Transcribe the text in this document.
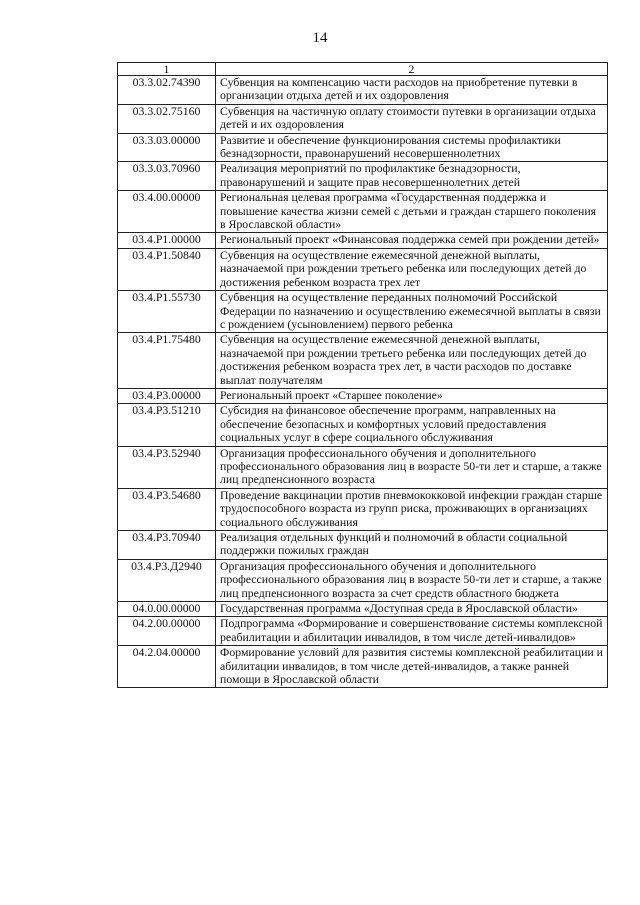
14
1	2
03.3.02.74390	Субвенция на компенсацию части расходов на приобретение путевки в организации отдыха детей и их оздоровления
03.3.02.75160	Субвенция на частичную оплату стоимости путевки в организации отдыха детей и их оздоровления
03.3.03.00000	Развитие и обеспечение функционирования системы профилактики безнадзорности, правонарушений несовершеннолетних
03.3.03.70960	Реализация мероприятий по профилактике безнадзорности, правонарушений и защите прав несовершеннолетних детей
03.4.00.00000	Региональная целевая программа «Государственная поддержка и повышение качества жизни семей с детьми и граждан старшего поколения в Ярославской области»
03.4.P1.00000	Региональный проект «Финансовая поддержка семей при рождении детей»
03.4.P1.50840	Субвенция на осуществление ежемесячной денежной выплаты, назначаемой при рождении третьего ребенка или последующих детей до достижения ребенком возраста трех лет
03.4.P1.55730	Субвенция на осуществление переданных полномочий Российской Федерации по назначению и осуществлению ежемесячной выплаты в связи с рождением (усыновлением) первого ребенка
03.4.P1.75480	Субвенция на осуществление ежемесячной денежной выплаты, назначаемой при рождении третьего ребенка или последующих детей до достижения ребенком возраста трех лет, в части расходов по доставке выплат получателям
03.4.P3.00000	Региональный проект «Старшее поколение»
03.4.P3.51210	Субсидия на финансовое обеспечение программ, направленных на обеспечение безопасных и комфортных условий предоставления социальных услуг в сфере социального обслуживания
03.4.P3.52940	Организация профессионального обучения и дополнительного профессионального образования лиц в возрасте 50-ти лет и старше, а также лиц предпенсионного возраста
03.4.P3.54680	Проведение вакцинации против пневмококковой инфекции граждан старше трудоспособного возраста из групп риска, проживающих в организациях социального обслуживания
03.4.P3.70940	Реализация отдельных функций и полномочий в области социальной поддержки пожилых граждан
03.4.P3.Д2940	Организация профессионального обучения и дополнительного профессионального образования лиц в возрасте 50-ти лет и старше, а также лиц предпенсионного возраста за счет средств областного бюджета
04.0.00.00000	Государственная программа «Доступная среда в Ярославской области»
04.2.00.00000	Подпрограмма «Формирование и совершенствование системы комплексной реабилитации и абилитации инвалидов, в том числе детей-инвалидов»
04.2.04.00000	Формирование условий для развития системы комплексной реабилитации и абилитации инвалидов, в том числе детей-инвалидов, а также ранней помощи в Ярославской области
